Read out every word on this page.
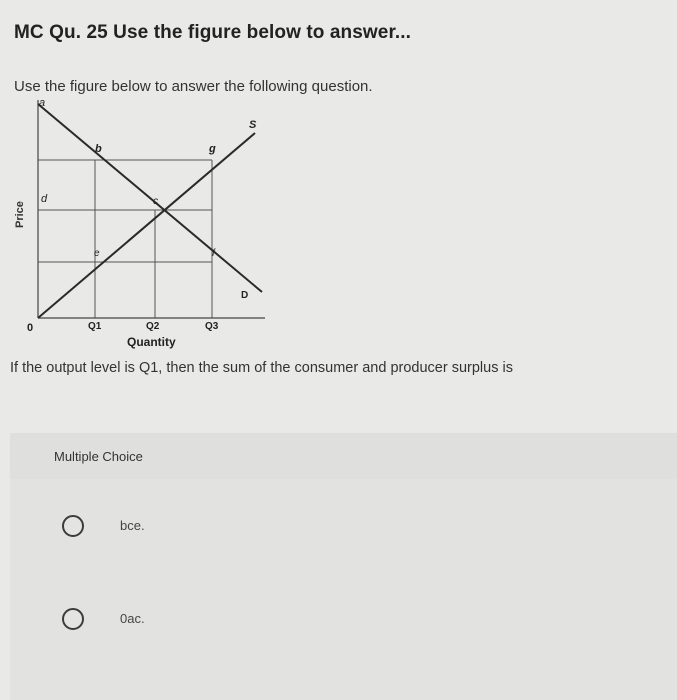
MC Qu. 25 Use the figure below to answer...
Use the figure below to answer the following question.
a
S
b	g
d	c
e	f
D
Price
0	Q1	Q2	Q3
Quantity
If the output level is Q1, then the sum of the consumer and producer surplus is
Multiple Choice
bce.
0ac.
